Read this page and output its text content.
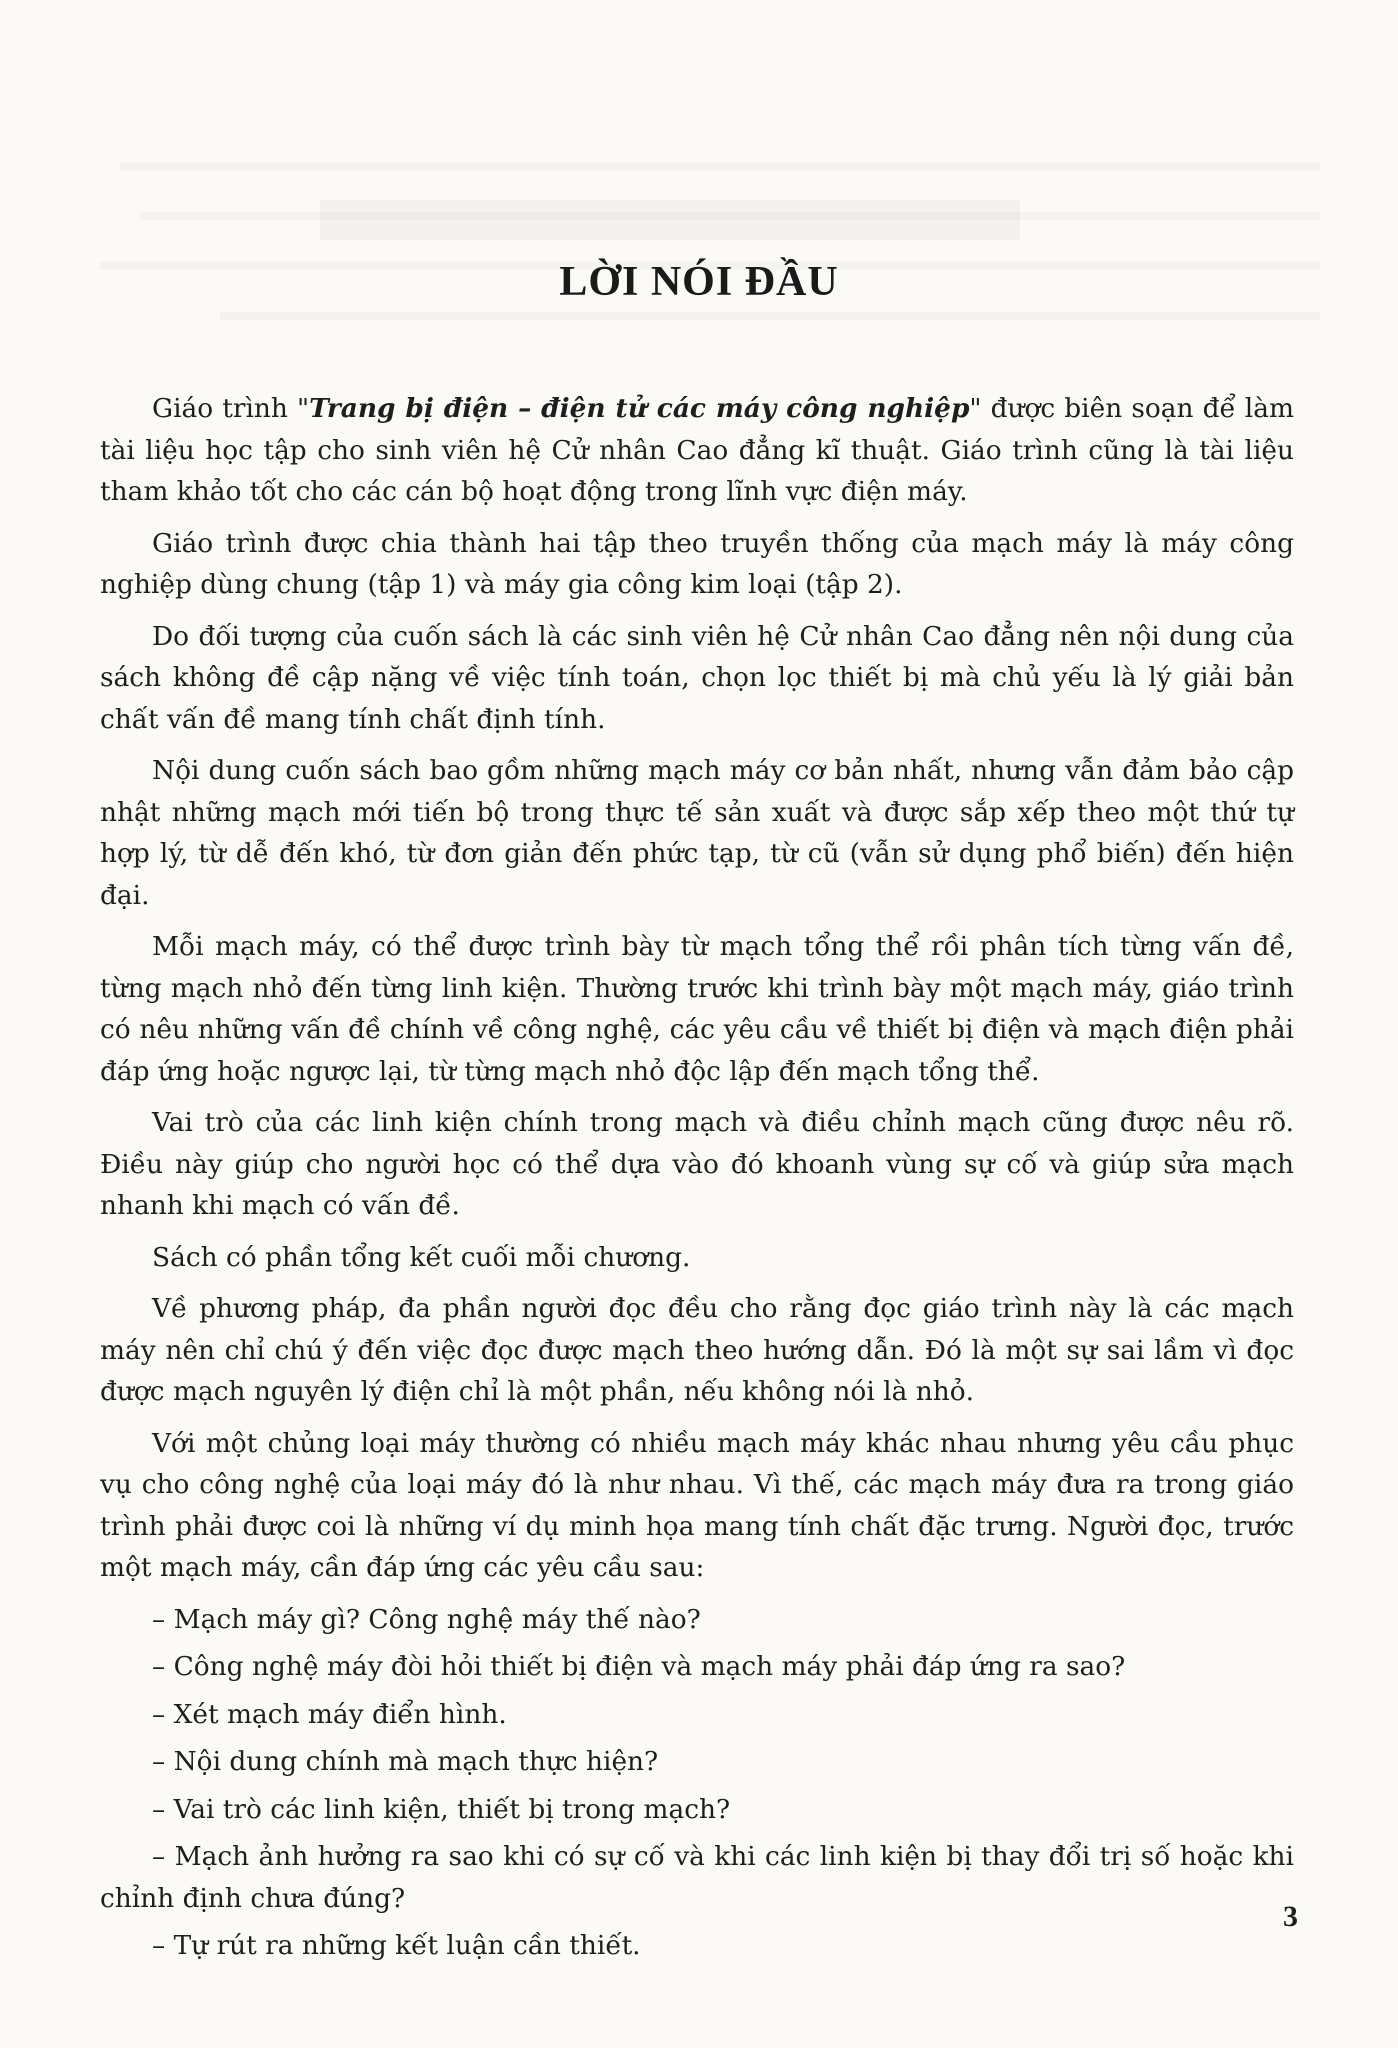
LỜI NÓI ĐẦU

Giáo trình "Trang bị điện – điện tử các máy công nghiệp" được biên soạn để làm tài liệu học tập cho sinh viên hệ Cử nhân Cao đẳng kĩ thuật. Giáo trình cũng là tài liệu tham khảo tốt cho các cán bộ hoạt động trong lĩnh vực điện máy.

Giáo trình được chia thành hai tập theo truyền thống của mạch máy là máy công nghiệp dùng chung (tập 1) và máy gia công kim loại (tập 2).

Do đối tượng của cuốn sách là các sinh viên hệ Cử nhân Cao đẳng nên nội dung của sách không đề cập nặng về việc tính toán, chọn lọc thiết bị mà chủ yếu là lý giải bản chất vấn đề mang tính chất định tính.

Nội dung cuốn sách bao gồm những mạch máy cơ bản nhất, nhưng vẫn đảm bảo cập nhật những mạch mới tiến bộ trong thực tế sản xuất và được sắp xếp theo một thứ tự hợp lý, từ dễ đến khó, từ đơn giản đến phức tạp, từ cũ (vẫn sử dụng phổ biến) đến hiện đại.

Mỗi mạch máy, có thể được trình bày từ mạch tổng thể rồi phân tích từng vấn đề, từng mạch nhỏ đến từng linh kiện. Thường trước khi trình bày một mạch máy, giáo trình có nêu những vấn đề chính về công nghệ, các yêu cầu về thiết bị điện và mạch điện phải đáp ứng hoặc ngược lại, từ từng mạch nhỏ độc lập đến mạch tổng thể.

Vai trò của các linh kiện chính trong mạch và điều chỉnh mạch cũng được nêu rõ. Điều này giúp cho người học có thể dựa vào đó khoanh vùng sự cố và giúp sửa mạch nhanh khi mạch có vấn đề.

Sách có phần tổng kết cuối mỗi chương.

Về phương pháp, đa phần người đọc đều cho rằng đọc giáo trình này là các mạch máy nên chỉ chú ý đến việc đọc được mạch theo hướng dẫn. Đó là một sự sai lầm vì đọc được mạch nguyên lý điện chỉ là một phần, nếu không nói là nhỏ.

Với một chủng loại máy thường có nhiều mạch máy khác nhau nhưng yêu cầu phục vụ cho công nghệ của loại máy đó là như nhau. Vì thế, các mạch máy đưa ra trong giáo trình phải được coi là những ví dụ minh họa mang tính chất đặc trưng. Người đọc, trước một mạch máy, cần đáp ứng các yêu cầu sau:

– Mạch máy gì? Công nghệ máy thế nào?

– Công nghệ máy đòi hỏi thiết bị điện và mạch máy phải đáp ứng ra sao?

– Xét mạch máy điển hình.

– Nội dung chính mà mạch thực hiện?

– Vai trò các linh kiện, thiết bị trong mạch?

– Mạch ảnh hưởng ra sao khi có sự cố và khi các linh kiện bị thay đổi trị số hoặc khi chỉnh định chưa đúng?

– Tự rút ra những kết luận cần thiết.

3
